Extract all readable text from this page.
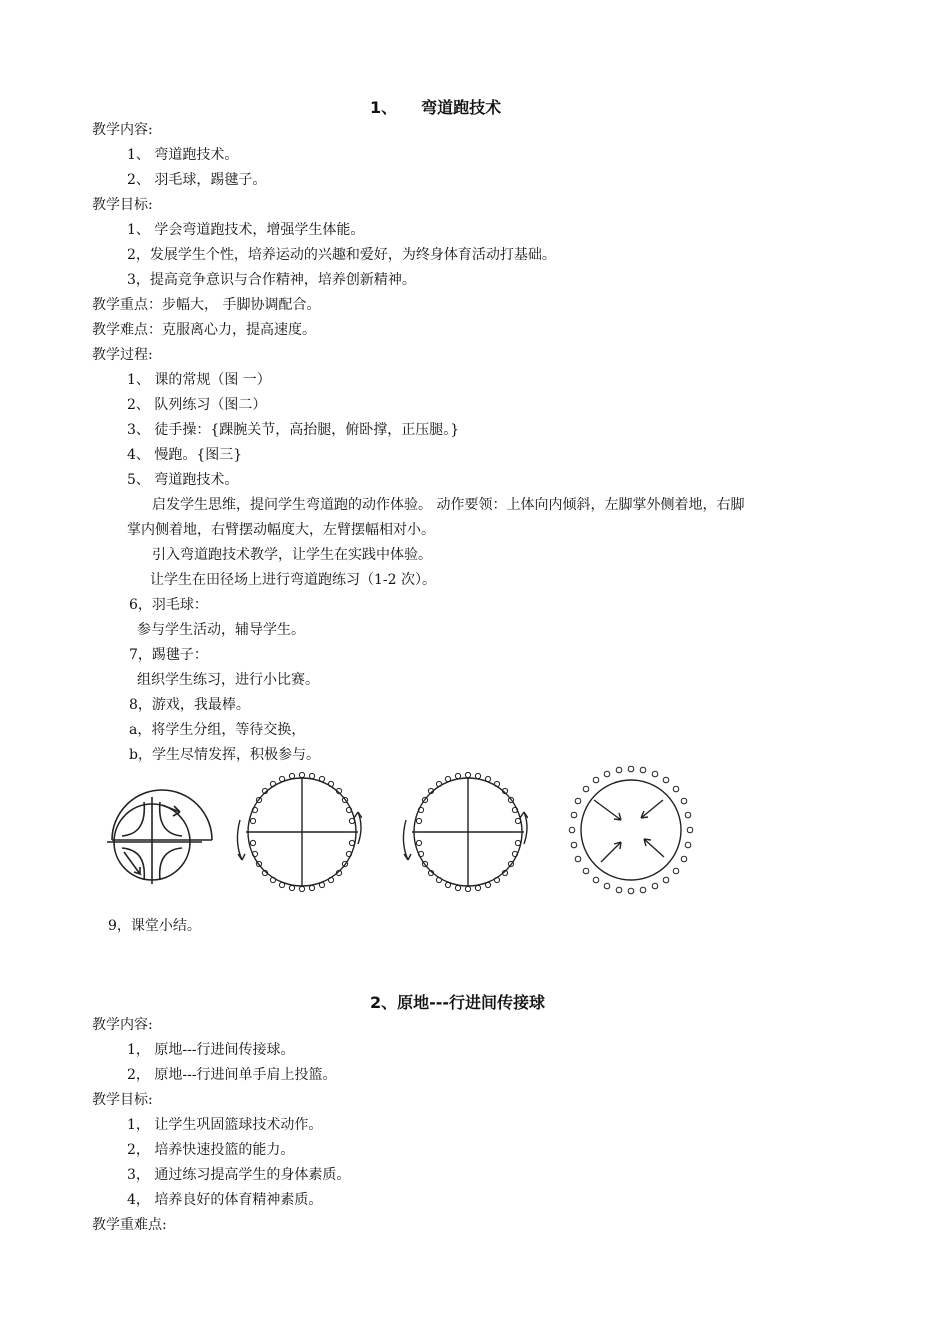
1、　　弯道跑技术
教学内容:
1、 弯道跑技术。
2、 羽毛球，踢毽子。
教学目标:
1、 学会弯道跑技术，增强学生体能。
2，发展学生个性，培养运动的兴趣和爱好，为终身体育活动打基础。
3，提高竞争意识与合作精神，培养创新精神。
教学重点：步幅大， 手脚协调配合。
教学难点：克服离心力，提高速度。
教学过程:
1、 课的常规（图 一）
2、 队列练习（图二）
3、 徒手操：{踝腕关节，高抬腿，俯卧撑，正压腿。}
4、 慢跑。{图三}
5、 弯道跑技术。
启发学生思维，提问学生弯道跑的动作体验。 动作要领：上体向内倾斜，左脚掌外侧着地，右脚
掌内侧着地，右臂摆动幅度大，左臂摆幅相对小。
引入弯道跑技术教学，让学生在实践中体验。
让学生在田径场上进行弯道跑练习（1-2 次）。
6，羽毛球：
参与学生活动，辅导学生。
7，踢毽子：
组织学生练习，进行小比赛。
8，游戏，我最棒。
a，将学生分组，等待交换，
b，学生尽情发挥，积极参与。
9，课堂小结。
2、原地---行进间传接球
教学内容:
1， 原地---行进间传接球。
2， 原地---行进间单手肩上投篮。
教学目标:
1， 让学生巩固篮球技术动作。
2， 培养快速投篮的能力。
3， 通过练习提高学生的身体素质。
4， 培养良好的体育精神素质。
教学重难点:
